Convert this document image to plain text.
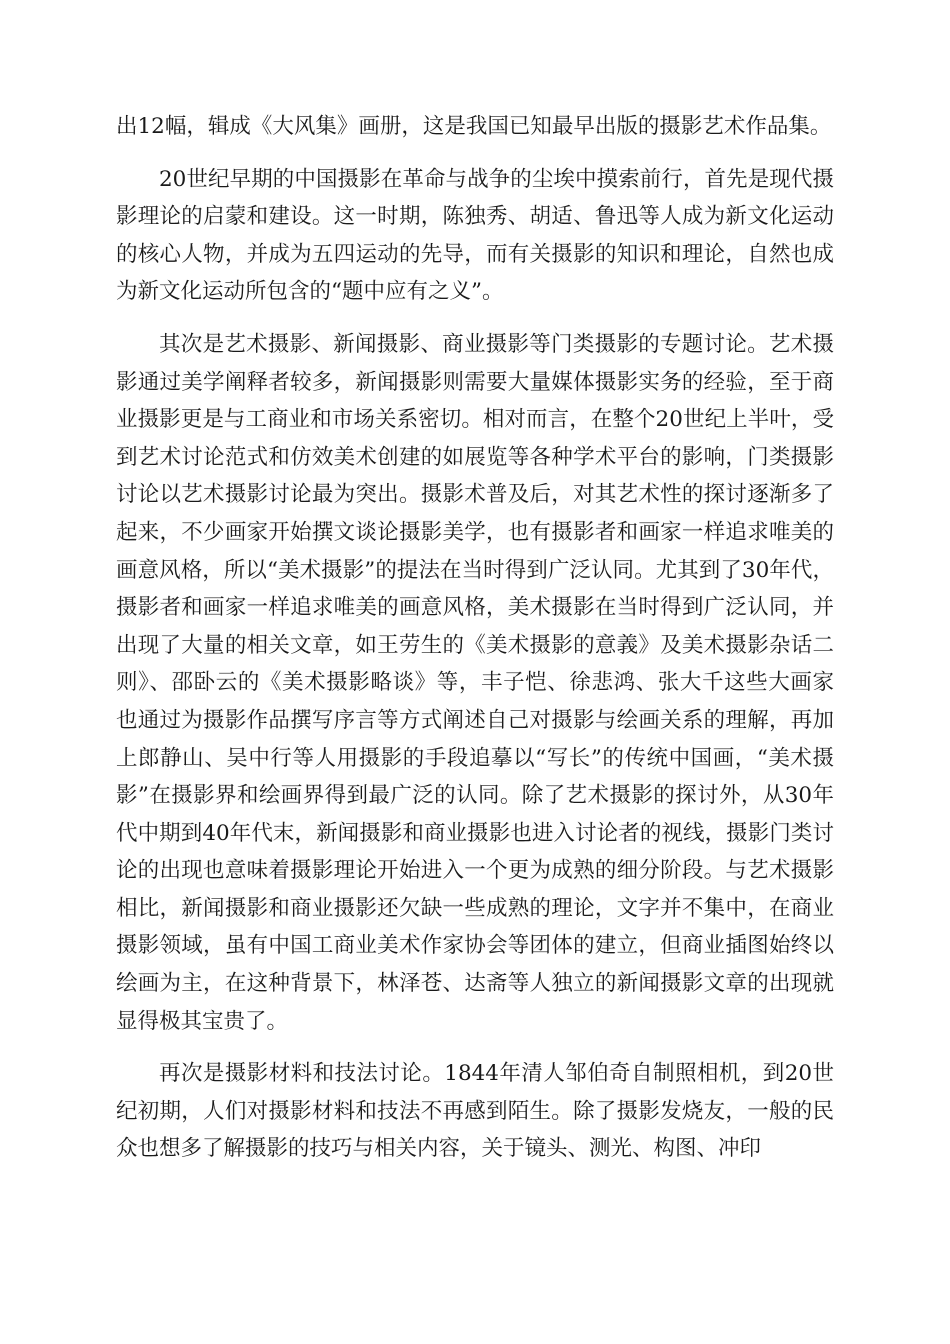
出12幅，辑成《大风集》画册，这是我国已知最早出版的摄影艺术作品集。

20世纪早期的中国摄影在革命与战争的尘埃中摸索前行，首先是现代摄影理论的启蒙和建设。这一时期，陈独秀、胡适、鲁迅等人成为新文化运动的核心人物，并成为五四运动的先导，而有关摄影的知识和理论，自然也成为新文化运动所包含的“题中应有之义”。

其次是艺术摄影、新闻摄影、商业摄影等门类摄影的专题讨论。艺术摄影通过美学阐释者较多，新闻摄影则需要大量媒体摄影实务的经验，至于商业摄影更是与工商业和市场关系密切。相对而言，在整个20世纪上半叶，受到艺术讨论范式和仿效美术创建的如展览等各种学术平台的影响，门类摄影讨论以艺术摄影讨论最为突出。摄影术普及后，对其艺术性的探讨逐渐多了起来，不少画家开始撰文谈论摄影美学，也有摄影者和画家一样追求唯美的画意风格，所以“美术摄影”的提法在当时得到广泛认同。尤其到了30年代，摄影者和画家一样追求唯美的画意风格，美术摄影在当时得到广泛认同，并出现了大量的相关文章，如王劳生的《美术摄影的意義》及美术摄影杂话二则》、邵卧云的《美术摄影略谈》等，丰子恺、徐悲鸿、张大千这些大画家也通过为摄影作品撰写序言等方式阐述自己对摄影与绘画关系的理解，再加上郎静山、吴中行等人用摄影的手段追摹以“写长”的传统中国画，“美术摄影”在摄影界和绘画界得到最广泛的认同。除了艺术摄影的探讨外，从30年代中期到40年代末，新闻摄影和商业摄影也进入讨论者的视线，摄影门类讨论的出现也意味着摄影理论开始进入一个更为成熟的细分阶段。与艺术摄影相比，新闻摄影和商业摄影还欠缺一些成熟的理论，文字并不集中，在商业摄影领域，虽有中国工商业美术作家协会等团体的建立，但商业插图始终以绘画为主，在这种背景下，林泽苍、达斋等人独立的新闻摄影文章的出现就显得极其宝贵了。

再次是摄影材料和技法讨论。1844年清人邹伯奇自制照相机，到20世纪初期，人们对摄影材料和技法不再感到陌生。除了摄影发烧友，一般的民众也想多了解摄影的技巧与相关内容，关于镜头、测光、构图、冲印
